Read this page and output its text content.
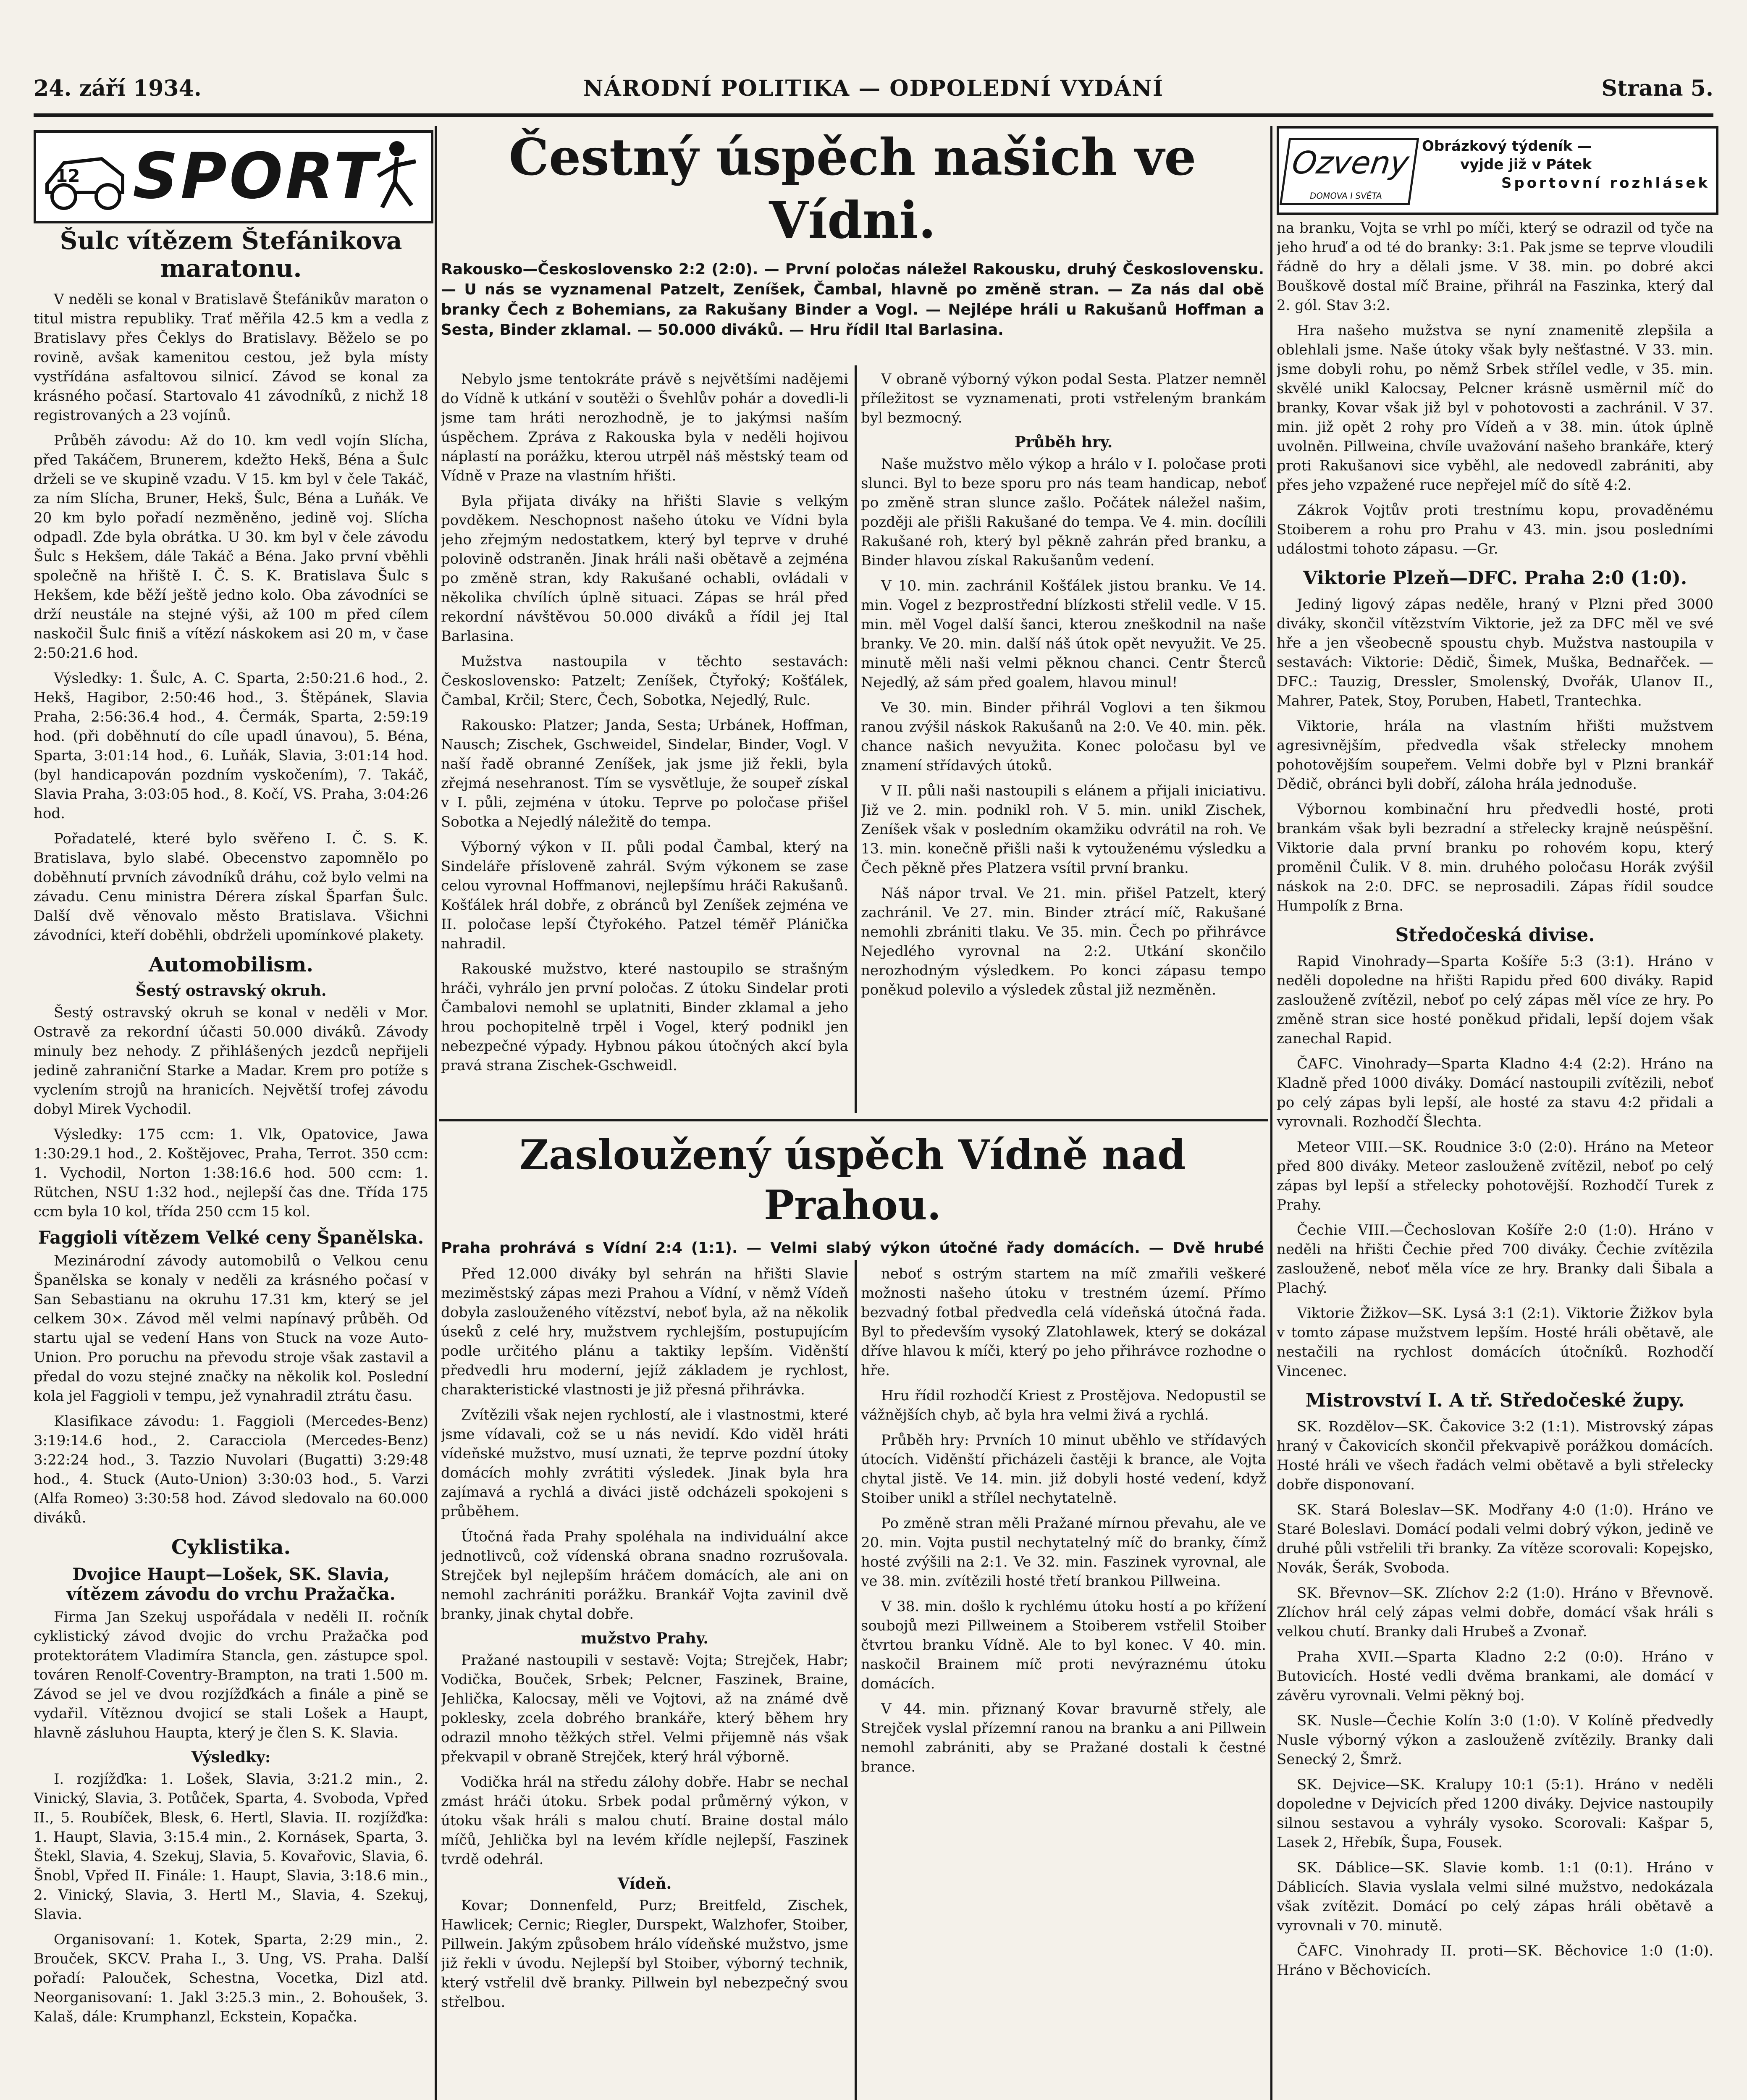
24. září 1934.	NÁRODNÍ POLITIKA — ODPOLEDNÍ VYDÁNÍ	Strana 5.
12 SPORT	Ozveny
DOMOVA I SVĚTA
Obrázkový týdeník —
vyjde již v Pátek
Sportovní rozhlásek
Šulc vítězem Štefánikova maratonu.

V neděli se konal v Bratislavě Štefánikův maraton o titul mistra republiky. Trať měřila 42.5 km a vedla z Bratislavy přes Čeklys do Bratislavy. Běželo se po rovině, avšak kamenitou cestou, jež byla místy vystřídána asfaltovou silnicí. Závod se konal za krásného počasí. Startovalo 41 závodníků, z nichž 18 registrovaných a 23 vojínů.

Průběh závodu: Až do 10. km vedl vojín Slícha, před Takáčem, Brunerem, kdežto Hekš, Béna a Šulc drželi se ve skupině vzadu. V 15. km byl v čele Takáč, za ním Slícha, Bruner, Hekš, Šulc, Béna a Luňák. Ve 20 km bylo pořadí nezměněno, jedině voj. Slícha odpadl. Zde byla obrátka. U 30. km byl v čele závodu Šulc s Hekšem, dále Takáč a Béna. Jako první vběhli společně na hřiště I. Č. S. K. Bratislava Šulc s Hekšem, kde běží ještě jedno kolo. Oba závodníci se drží neustále na stejné výši, až 100 m před cílem naskočil Šulc finiš a vítězí náskokem asi 20 m, v čase 2:50:21.6 hod.

Výsledky: 1. Šulc, A. C. Sparta, 2:50:21.6 hod., 2. Hekš, Hagibor, 2:50:46 hod., 3. Štěpánek, Slavia Praha, 2:56:36.4 hod., 4. Čermák, Sparta, 2:59:19 hod. (při doběhnutí do cíle upadl únavou), 5. Béna, Sparta, 3:01:14 hod., 6. Luňák, Slavia, 3:01:14 hod. (byl handicapován pozdním vyskočením), 7. Takáč, Slavia Praha, 3:03:05 hod., 8. Kočí, VS. Praha, 3:04:26 hod.

Pořadatelé, které bylo svěřeno I. Č. S. K. Bratislava, bylo slabé. Obecenstvo zapomnělo po doběhnutí prvních závodníků dráhu, což bylo velmi na závadu. Cenu ministra Dérera získal Šparfan Šulc. Další dvě věnovalo město Bratislava. Všichni závodníci, kteří doběhli, obdrželi upomínkové plakety.

Automobilism.
Šestý ostravský okruh.

Šestý ostravský okruh se konal v neděli v Mor. Ostravě za rekordní účasti 50.000 diváků. Závody minuly bez nehody. Z přihlášených jezdců nepřijeli jedině zahraniční Starke a Madar. Krem pro potíže s vyclením strojů na hranicích. Největší trofej závodu dobyl Mirek Vychodil.

Výsledky: 175 ccm: 1. Vlk, Opatovice, Jawa 1:30:29.1 hod., 2. Koštějovec, Praha, Terrot. 350 ccm: 1. Vychodil, Norton 1:38:16.6 hod. 500 ccm: 1. Rütchen, NSU 1:32 hod., nejlepší čas dne. Třída 175 ccm byla 10 kol, třída 250 ccm 15 kol.

Faggioli vítězem Velké ceny Španělska.

Mezinárodní závody automobilů o Velkou cenu Španělska se konaly v neděli za krásného počasí v San Sebastianu na okruhu 17.31 km, který se jel celkem 30×. Závod měl velmi napínavý průběh. Od startu ujal se vedení Hans von Stuck na voze Auto-Union. Pro poruchu na převodu stroje však zastavil a předal do vozu stejné značky na několik kol. Poslední kola jel Faggioli v tempu, jež vynahradil ztrátu času.

Klasifikace závodu: 1. Faggioli (Mercedes-Benz) 3:19:14.6 hod., 2. Caracciola (Mercedes-Benz) 3:22:24 hod., 3. Tazzio Nuvolari (Bugatti) 3:29:48 hod., 4. Stuck (Auto-Union) 3:30:03 hod., 5. Varzi (Alfa Romeo) 3:30:58 hod. Závod sledovalo na 60.000 diváků.

Cyklistika.
Dvojice Haupt—Lošek, SK. Slavia, vítězem závodu do vrchu Pražačka.

Firma Jan Szekuj uspořádala v neděli II. ročník cyklistický závod dvojic do vrchu Pražačka pod protektorátem Vladimíra Stancla, gen. zástupce spol. továren Renolf-Coventry-Brampton, na trati 1.500 m. Závod se jel ve dvou rozjížďkách a finále a pině se vydařil. Vítěznou dvojicí se stali Lošek a Haupt, hlavně zásluhou Haupta, který je člen S. K. Slavia.

Výsledky:

I. rozjížďka: 1. Lošek, Slavia, 3:21.2 min., 2. Vinický, Slavia, 3. Potůček, Sparta, 4. Svoboda, Vpřed II., 5. Roubíček, Blesk, 6. Hertl, Slavia. II. rozjížďka: 1. Haupt, Slavia, 3:15.4 min., 2. Kornásek, Sparta, 3. Štekl, Slavia, 4. Szekuj, Slavia, 5. Kovařovic, Slavia, 6. Šnobl, Vpřed II. Finále: 1. Haupt, Slavia, 3:18.6 min., 2. Vinický, Slavia, 3. Hertl M., Slavia, 4. Szekuj, Slavia.

Organisovaní: 1. Kotek, Sparta, 2:29 min., 2. Brouček, SKCV. Praha I., 3. Ung, VS. Praha. Další pořadí: Palouček, Schestna, Vocetka, Dizl atd. Neorganisovaní: 1. Jakl 3:25.3 min., 2. Bohoušek, 3. Kalaš, dále: Krumphanzl, Eckstein, Kopačka.

Čestný úspěch našich ve Vídni.
Rakousko—Československo 2:2 (2:0). — První poločas náležel Rakousku, druhý Československu. — U nás se vyznamenal Patzelt, Zeníšek, Čambal, hlavně po změně stran. — Za nás dal obě branky Čech z Bohemians, za Rakušany Binder a Vogl. — Nejlépe hráli u Rakušanů Hoffman a Sesta, Binder zklamal. — 50.000 diváků. — Hru řídil Ital Barlasina.

Nebylo jsme tentokráte právě s největšími nadějemi do Vídně k utkání v soutěži o Švehlův pohár a dovedli-li jsme tam hráti nerozhodně, je to jakýmsi naším úspěchem. Zpráva z Rakouska byla v neděli hojivou náplastí na porážku, kterou utrpěl náš městský team od Vídně v Praze na vlastním hřišti.

Byla přijata diváky na hřišti Slavie s velkým povděkem. Neschopnost našeho útoku ve Vídni byla jeho zřejmým nedostatkem, který byl teprve v druhé polovině odstraněn. Jinak hráli naši obětavě a zejména po změně stran, kdy Rakušané ochabli, ovládali v několika chvílích úplně situaci. Zápas se hrál před rekordní návštěvou 50.000 diváků a řídil jej Ital Barlasina.

Mužstva nastoupila v těchto sestavách: Československo: Patzelt; Zeníšek, Čtyřoký; Košťálek, Čambal, Krčil; Sterc, Čech, Sobotka, Nejedlý, Rulc.

Rakousko: Platzer; Janda, Sesta; Urbánek, Hoffman, Nausch; Zischek, Gschweidel, Sindelar, Binder, Vogl. V naší řadě obranné Zeníšek, jak jsme již řekli, byla zřejmá nesehranost. Tím se vysvětluje, že soupeř získal v I. půli, zejména v útoku. Teprve po poločase přišel Sobotka a Nejedlý náležitě do tempa.

Výborný výkon v II. půli podal Čambal, který na Sindeláře přísloveně zahrál. Svým výkonem se zase celou vyrovnal Hoffmanovi, nejlepšímu hráči Rakušanů. Košťálek hrál dobře, z obránců byl Zeníšek zejména ve II. poločase lepší Čtyřokého. Patzel téměř Plánička nahradil.

Rakouské mužstvo, které nastoupilo se strašným hráči, vyhrálo jen první poločas. Z útoku Sindelar proti Čambalovi nemohl se uplatniti, Binder zklamal a jeho hrou pochopitelně trpěl i Vogel, který podnikl jen nebezpečné výpady. Hybnou pákou útočných akcí byla pravá strana Zischek-Gschweidl.

V obraně výborný výkon podal Sesta. Platzer nemněl příležitost se vyznamenati, proti vstřeleným brankám byl bezmocný.

Průběh hry.

Naše mužstvo mělo výkop a hrálo v I. poločase proti slunci. Byl to beze sporu pro nás team handicap, neboť po změně stran slunce zašlo. Počátek náležel našim, později ale přišli Rakušané do tempa. Ve 4. min. docílili Rakušané roh, který byl pěkně zahrán před branku, a Binder hlavou získal Rakušanům vedení.

V 10. min. zachránil Košťálek jistou branku. Ve 14. min. Vogel z bezprostřední blízkosti střelil vedle. V 15. min. měl Vogel další šanci, kterou zneškodnil na naše branky. Ve 20. min. další náš útok opět nevyužit. Ve 25. minutě měli naši velmi pěknou chanci. Centr Šterců Nejedlý, až sám před goalem, hlavou minul!

Ve 30. min. Binder přihrál Voglovi a ten šikmou ranou zvýšil náskok Rakušanů na 2:0. Ve 40. min. pěk. chance našich nevyužita. Konec poločasu byl ve znamení střídavých útoků.

V II. půli naši nastoupili s elánem a přijali iniciativu. Již ve 2. min. podnikl roh. V 5. min. unikl Zischek, Zeníšek však v posledním okamžiku odvrátil na roh. Ve 13. min. konečně přišli naši k vytouženému výsledku a Čech pěkně přes Platzera vsítil první branku.

Náš nápor trval. Ve 21. min. přišel Patzelt, který zachránil. Ve 27. min. Binder ztrácí míč, Rakušané nemohli zbrániti tlaku. Ve 35. min. Čech po přihrávce Nejedlého vyrovnal na 2:2. Utkání skončilo nerozhodným výsledkem. Po konci zápasu tempo poněkud polevilo a výsledek zůstal již nezměněn.

Zasloužený úspěch Vídně nad Prahou.
Praha prohrává s Vídní 2:4 (1:1). — Velmi slabý výkon útočné řady domácích. — Dvě hrubé

Před 12.000 diváky byl sehrán na hřišti Slavie meziměstský zápas mezi Prahou a Vídní, v němž Vídeň dobyla zaslouženého vítězství, neboť byla, až na několik úseků z celé hry, mužstvem rychlejším, postupujícím podle určitého plánu a taktiky lepším. Viděnští předvedli hru moderní, jejíž základem je rychlost, charakteristické vlastnosti je již přesná přihrávka.

Zvítězili však nejen rychlostí, ale i vlastnostmi, které jsme vídavali, což se u nás nevidí. Kdo viděl hráti vídeňské mužstvo, musí uznati, že teprve pozdní útoky domácích mohly zvrátiti výsledek. Jinak byla hra zajímavá a rychlá a diváci jistě odcházeli spokojeni s průběhem.

Útočná řada Prahy spoléhala na individuální akce jednotlivců, což vídenská obrana snadno rozrušovala. Strejček byl nejlepším hráčem domácích, ale ani on nemohl zachrániti porážku. Brankář Vojta zavinil dvě branky, jinak chytal dobře.

mužstvo Prahy.

Pražané nastoupili v sestavě: Vojta; Strejček, Habr; Vodička, Bouček, Srbek; Pelcner, Faszinek, Braine, Jehlička, Kalocsay, měli ve Vojtovi, až na známé dvě poklesky, zcela dobrého brankáře, který během hry odrazil mnoho těžkých střel. Velmi přijemně nás však překvapil v obraně Strejček, který hrál výborně.

Vodička hrál na středu zálohy dobře. Habr se nechal zmást hráči útoku. Srbek podal průměrný výkon, v útoku však hráli s malou chutí. Braine dostal málo míčů, Jehlička byl na levém křídle nejlepší, Faszinek tvrdě odehrál.

Vídeň.

Kovar; Donnenfeld, Purz; Breitfeld, Zischek, Hawlicek; Cernic; Riegler, Durspekt, Walzhofer, Stoiber, Pillwein. Jakým způsobem hrálo vídeňské mužstvo, jsme již řekli v úvodu. Nejlepší byl Stoiber, výborný technik, který vstřelil dvě branky. Pillwein byl nebezpečný svou střelbou.

neboť s ostrým startem na míč zmařili veškeré možnosti našeho útoku v trestném území. Přímo bezvadný fotbal předvedla celá vídeňská útočná řada. Byl to především vysoký Zlatohlawek, který se dokázal dříve hlavou k míči, který po jeho přihrávce rozhodne o hře.

Hru řídil rozhodčí Kriest z Prostějova. Nedopustil se vážnějších chyb, ač byla hra velmi živá a rychlá.

Průběh hry: Prvních 10 minut uběhlo ve střídavých útocích. Viděnští přicházeli častěji k brance, ale Vojta chytal jistě. Ve 14. min. již dobyli hosté vedení, když Stoiber unikl a střílel nechytatelně.

Po změně stran měli Pražané mírnou převahu, ale ve 20. min. Vojta pustil nechytatelný míč do branky, čímž hosté zvýšili na 2:1. Ve 32. min. Faszinek vyrovnal, ale ve 38. min. zvítězili hosté třetí brankou Pillweina.

V 38. min. došlo k rychlému útoku hostí a po křížení soubojů mezi Pillweinem a Stoiberem vstřelil Stoiber čtvrtou branku Vídně. Ale to byl konec. V 40. min. naskočil Brainem míč proti nevýraznému útoku domácích.

V 44. min. přiznaný Kovar bravurně střely, ale Strejček vyslal přízemní ranou na branku a ani Pillwein nemohl zabrániti, aby se Pražané dostali k čestné brance.

na branku, Vojta se vrhl po míči, který se odrazil od tyče na jeho hruď a od té do branky: 3:1. Pak jsme se teprve vloudili řádně do hry a dělali jsme. V 38. min. po dobré akci Bouškově dostal míč Braine, přihrál na Faszinka, který dal 2. gól. Stav 3:2.

Hra našeho mužstva se nyní znamenitě zlepšila a oblehlali jsme. Naše útoky však byly nešťastné. V 33. min. jsme dobyli rohu, po němž Srbek střílel vedle, v 35. min. skvělé unikl Kalocsay, Pelcner krásně usměrnil míč do branky, Kovar však již byl v pohotovosti a zachránil. V 37. min. již opět 2 rohy pro Vídeň a v 38. min. útok úplně uvolněn. Pillweina, chvíle uvažování našeho brankáře, který proti Rakušanovi sice vyběhl, ale nedovedl zabrániti, aby přes jeho vzpažené ruce nepřejel míč do sítě 4:2.

Zákrok Vojtův proti trestnímu kopu, provaděnému Stoiberem a rohu pro Prahu v 43. min. jsou posledními událostmi tohoto zápasu. —Gr.

Viktorie Plzeň—DFC. Praha 2:0 (1:0).

Jediný ligový zápas neděle, hraný v Plzni před 3000 diváky, skončil vítězstvím Viktorie, jež za DFC měl ve své hře a jen všeobecně spoustu chyb. Mužstva nastoupila v sestavách: Viktorie: Dědič, Šimek, Muška, Bednařček. — DFC.: Tauzig, Dressler, Smolenský, Dvořák, Ulanov II., Mahrer, Patek, Stoy, Poruben, Habetl, Trantechka.

Viktorie, hrála na vlastním hřišti mužstvem agresivnějším, předvedla však střelecky mnohem pohotovějším soupeřem. Velmi dobře byl v Plzni brankář Dědič, obránci byli dobří, záloha hrála jednoduše.

Výbornou kombinační hru předvedli hosté, proti brankám však byli bezradní a střelecky krajně neúspěšní. Viktorie dala první branku po rohovém kopu, který proměnil Čulik. V 8. min. druhého poločasu Horák zvýšil náskok na 2:0. DFC. se neprosadili. Zápas řídil soudce Humpolík z Brna.

Středočeská divise.

Rapid Vinohrady—Sparta Košíře 5:3 (3:1). Hráno v neděli dopoledne na hřišti Rapidu před 600 diváky. Rapid zaslouženě zvítězil, neboť po celý zápas měl více ze hry. Po změně stran sice hosté poněkud přidali, lepší dojem však zanechal Rapid.

ČAFC. Vinohrady—Sparta Kladno 4:4 (2:2). Hráno na Kladně před 1000 diváky. Domácí nastoupili zvítězili, neboť po celý zápas byli lepší, ale hosté za stavu 4:2 přidali a vyrovnali. Rozhodčí Šlechta.

Meteor VIII.—SK. Roudnice 3:0 (2:0). Hráno na Meteor před 800 diváky. Meteor zaslouženě zvítězil, neboť po celý zápas byl lepší a střelecky pohotovější. Rozhodčí Turek z Prahy.

Čechie VIII.—Čechoslovan Košíře 2:0 (1:0). Hráno v neděli na hřišti Čechie před 700 diváky. Čechie zvítězila zaslouženě, neboť měla více ze hry. Branky dali Šibala a Plachý.

Viktorie Žižkov—SK. Lysá 3:1 (2:1). Viktorie Žižkov byla v tomto zápase mužstvem lepším. Hosté hráli obětavě, ale nestačili na rychlost domácích útočníků. Rozhodčí Vincenec.

Mistrovství I. A tř. Středočeské župy.

SK. Rozdělov—SK. Čakovice 3:2 (1:1). Mistrovský zápas hraný v Čakovicích skončil překvapivě porážkou domácích. Hosté hráli ve všech řadách velmi obětavě a byli střelecky dobře disponovaní.

SK. Stará Boleslav—SK. Modřany 4:0 (1:0). Hráno ve Staré Boleslavi. Domácí podali velmi dobrý výkon, jedině ve druhé půli vstřelili tři branky. Za vítěze scorovali: Kopejsko, Novák, Šerák, Svoboda.

SK. Břevnov—SK. Zlíchov 2:2 (1:0). Hráno v Břevnově. Zlíchov hrál celý zápas velmi dobře, domácí však hráli s velkou chutí. Branky dali Hrubeš a Zvonař.

Praha XVII.—Sparta Kladno 2:2 (0:0). Hráno v Butovicích. Hosté vedli dvěma brankami, ale domácí v závěru vyrovnali. Velmi pěkný boj.

SK. Nusle—Čechie Kolín 3:0 (1:0). V Kolíně předvedly Nusle výborný výkon a zaslouženě zvítězily. Branky dali Senecký 2, Šmrž.

SK. Dejvice—SK. Kralupy 10:1 (5:1). Hráno v neděli dopoledne v Dejvicích před 1200 diváky. Dejvice nastoupily silnou sestavou a vyhrály vysoko. Scorovali: Kašpar 5, Lasek 2, Hřebík, Šupa, Fousek.

SK. Dáblice—SK. Slavie komb. 1:1 (0:1). Hráno v Dáblicích. Slavia vyslala velmi silné mužstvo, nedokázala však zvítězit. Domácí po celý zápas hráli obětavě a vyrovnali v 70. minutě.

ČAFC. Vinohrady II. proti—SK. Běchovice 1:0 (1:0). Hráno v Běchovicích.
